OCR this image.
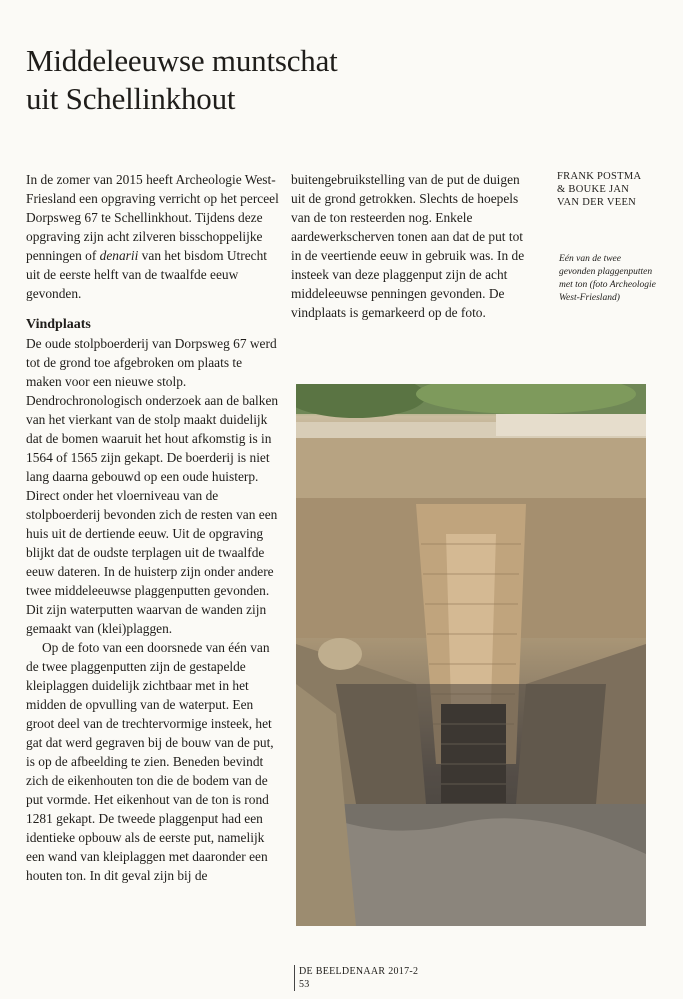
Middeleeuwse muntschat
uit Schellinkhout

In de zomer van 2015 heeft Archeologie West-Friesland een opgraving verricht op het perceel Dorpsweg 67 te Schellinkhout. Tijdens deze opgraving zijn acht zilveren bisschoppelijke penningen of denarii van het bisdom Utrecht uit de eerste helft van de twaalfde eeuw gevonden.

Vindplaats

De oude stolpboerderij van Dorpsweg 67 werd tot de grond toe afgebroken om plaats te maken voor een nieuwe stolp. Dendrochronologisch onderzoek aan de balken van het vierkant van de stolp maakt duidelijk dat de bomen waaruit het hout afkomstig is in 1564 of 1565 zijn gekapt. De boerderij is niet lang daarna gebouwd op een oude huisterp. Direct onder het vloerniveau van de stolpboerderij bevonden zich de resten van een huis uit de dertiende eeuw. Uit de opgraving blijkt dat de oudste terplagen uit de twaalfde eeuw dateren. In de huisterp zijn onder andere twee middeleeuwse plaggenputten gevonden. Dit zijn waterputten waarvan de wanden zijn gemaakt van (klei)plaggen.

Op de foto van een doorsnede van één van de twee plaggenputten zijn de gestapelde kleiplaggen duidelijk zichtbaar met in het midden de opvulling van de waterput. Een groot deel van de trechtervormige insteek, het gat dat werd gegraven bij de bouw van de put, is op de afbeelding te zien. Beneden bevindt zich de eikenhouten ton die de bodem van de put vormde. Het eikenhout van de ton is rond 1281 gekapt. De tweede plaggenput had een identieke opbouw als de eerste put, namelijk een wand van kleiplaggen met daaronder een houten ton. In dit geval zijn bij de

buitengebruikstelling van de put de duigen uit de grond getrokken. Slechts de hoepels van de ton resteerden nog. Enkele aardewerkscherven tonen aan dat de put tot in de veertiende eeuw in gebruik was. In de insteek van deze plaggenput zijn de acht middeleeuwse penningen gevonden. De vindplaats is gemarkeerd op de foto.

FRANK POSTMA
& BOUKE JAN
VAN DER VEEN
Eén van de twee gevonden plaggenputten met ton (foto Archeologie West-Friesland)
DE BEELDENAAR 2017-2
53
